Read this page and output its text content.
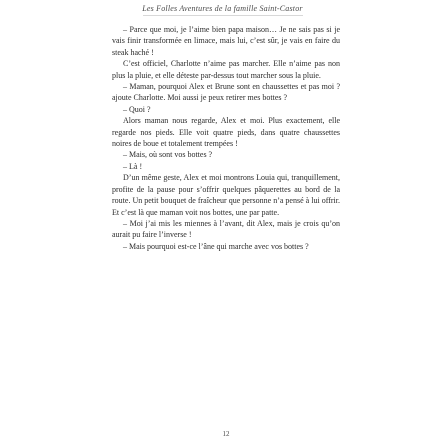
Les Folles Aventures de la famille Saint-Castor

– Parce que moi, je l’aime bien papa maison… Je ne sais pas si je vais finir transformée en limace, mais lui, c’est sûr, je vais en faire du steak haché !

C’est officiel, Charlotte n’aime pas marcher. Elle n’aime pas non plus la pluie, et elle déteste par-dessus tout marcher sous la pluie.

– Maman, pourquoi Alex et Brune sont en chaussettes et pas moi ? ajoute Charlotte. Moi aussi je peux retirer mes bottes ?

– Quoi ?

Alors maman nous regarde, Alex et moi. Plus exactement, elle regarde nos pieds. Elle voit quatre pieds, dans quatre chaussettes noires de boue et totalement trempées !

– Mais, où sont vos bottes ?

– Là !

D’un même geste, Alex et moi montrons Louia qui, tranquillement, profite de la pause pour s’offrir quelques pâquerettes au bord de la route. Un petit bouquet de fraîcheur que personne n’a pensé à lui offrir. Et c’est là que maman voit nos bottes, une par patte.

– Moi j’ai mis les miennes à l’avant, dit Alex, mais je crois qu’on aurait pu faire l’inverse !

– Mais pourquoi est-ce l’âne qui marche avec vos bottes ?

12
